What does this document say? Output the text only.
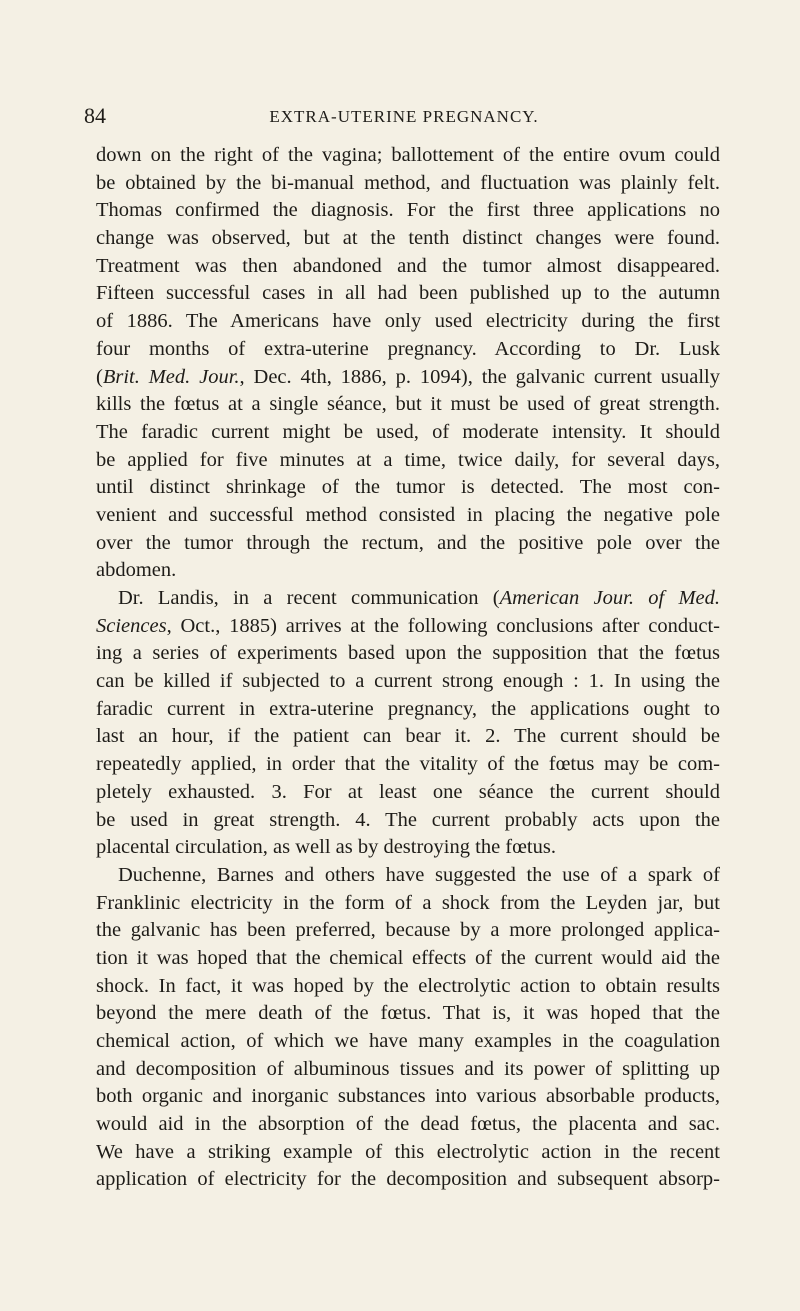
84	EXTRA-UTERINE PREGNANCY.
down on the right of the vagina; ballottement of the entire ovum could
be obtained by the bi-manual method, and fluctuation was plainly felt.
Thomas confirmed the diagnosis. For the first three applications no
change was observed, but at the tenth distinct changes were found.
Treatment was then abandoned and the tumor almost disappeared.
Fifteen successful cases in all had been published up to the autumn
of 1886. The Americans have only used electricity during the first
four months of extra-uterine pregnancy. According to Dr. Lusk
(Brit. Med. Jour., Dec. 4th, 1886, p. 1094), the galvanic current usually
kills the fœtus at a single séance, but it must be used of great strength.
The faradic current might be used, of moderate intensity. It should
be applied for five minutes at a time, twice daily, for several days,
until distinct shrinkage of the tumor is detected. The most con-
venient and successful method consisted in placing the negative pole
over the tumor through the rectum, and the positive pole over the
abdomen.
Dr. Landis, in a recent communication (American Jour. of Med.
Sciences, Oct., 1885) arrives at the following conclusions after conduct-
ing a series of experiments based upon the supposition that the fœtus
can be killed if subjected to a current strong enough : 1. In using the
faradic current in extra-uterine pregnancy, the applications ought to
last an hour, if the patient can bear it. 2. The current should be
repeatedly applied, in order that the vitality of the fœtus may be com-
pletely exhausted. 3. For at least one séance the current should
be used in great strength. 4. The current probably acts upon the
placental circulation, as well as by destroying the fœtus.
Duchenne, Barnes and others have suggested the use of a spark of
Franklinic electricity in the form of a shock from the Leyden jar, but
the galvanic has been preferred, because by a more prolonged applica-
tion it was hoped that the chemical effects of the current would aid the
shock. In fact, it was hoped by the electrolytic action to obtain results
beyond the mere death of the fœtus. That is, it was hoped that the
chemical action, of which we have many examples in the coagulation
and decomposition of albuminous tissues and its power of splitting up
both organic and inorganic substances into various absorbable products,
would aid in the absorption of the dead fœtus, the placenta and sac.
We have a striking example of this electrolytic action in the recent
application of electricity for the decomposition and subsequent absorp-
